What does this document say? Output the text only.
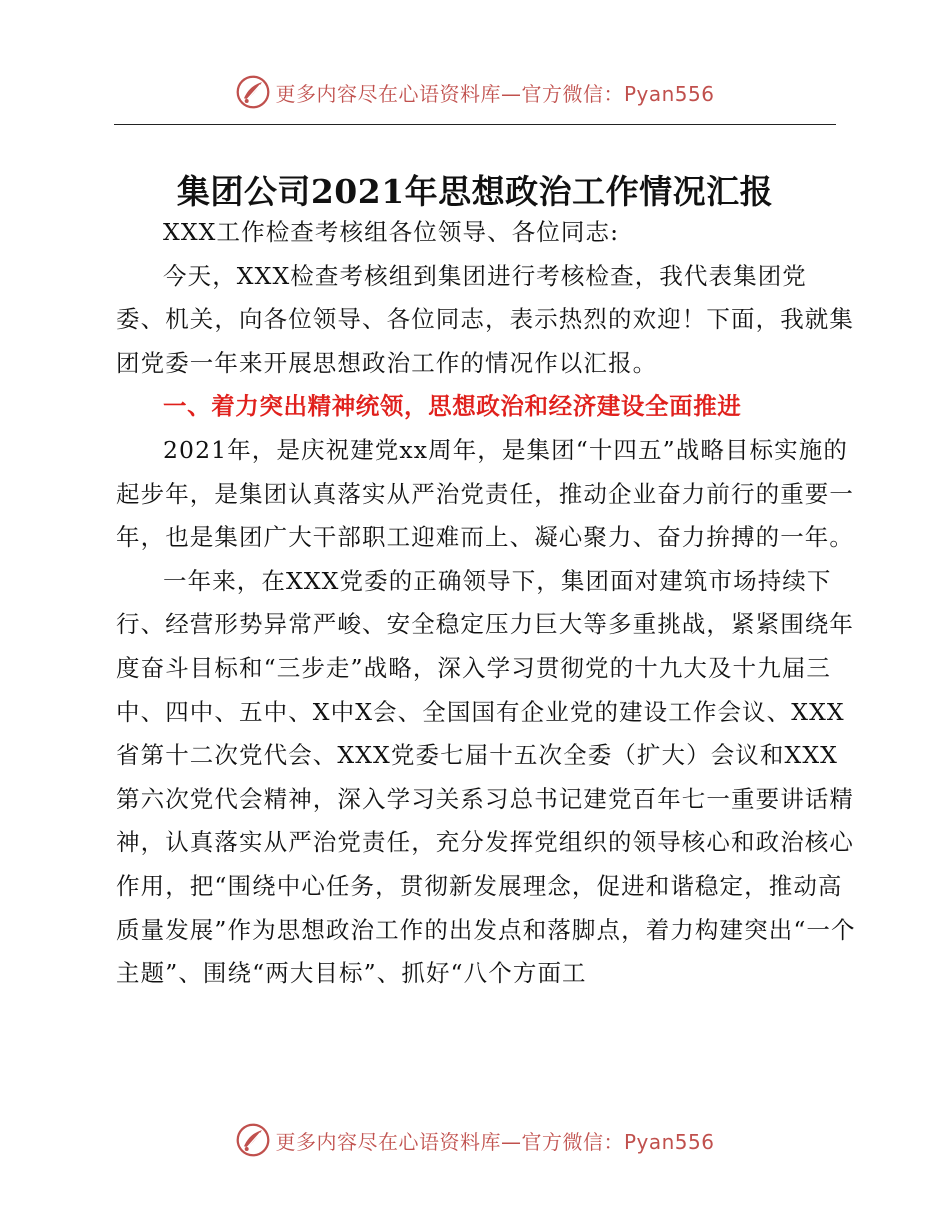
更多内容尽在心语资料库—官方微信：Pyan556
集团公司2021年思想政治工作情况汇报

XXX工作检查考核组各位领导、各位同志:

今天，XXX检查考核组到集团进行考核检查，我代表集团党委、机关，向各位领导、各位同志，表示热烈的欢迎！下面，我就集团党委一年来开展思想政治工作的情况作以汇报。

一、着力突出精神统领，思想政治和经济建设全面推进

2021年，是庆祝建党xx周年，是集团“十四五”战略目标实施的起步年，是集团认真落实从严治党责任，推动企业奋力前行的重要一年，也是集团广大干部职工迎难而上、凝心聚力、奋力拚搏的一年。

一年来，在XXX党委的正确领导下，集团面对建筑市场持续下行、经营形势异常严峻、安全稳定压力巨大等多重挑战，紧紧围绕年度奋斗目标和“三步走”战略，深入学习贯彻党的十九大及十九届三中、四中、五中、X中X会、全国国有企业党的建设工作会议、XXX省第十二次党代会、XXX党委七届十五次全委（扩大）会议和XXX第六次党代会精神，深入学习关系习总书记建党百年七一重要讲话精神，认真落实从严治党责任，充分发挥党组织的领导核心和政治核心作用，把“围绕中心任务，贯彻新发展理念，促进和谐稳定，推动高质量发展”作为思想政治工作的出发点和落脚点，着力构建突出“一个主题”、围绕“两大目标”、抓好“八个方面工

更多内容尽在心语资料库—官方微信：Pyan556
